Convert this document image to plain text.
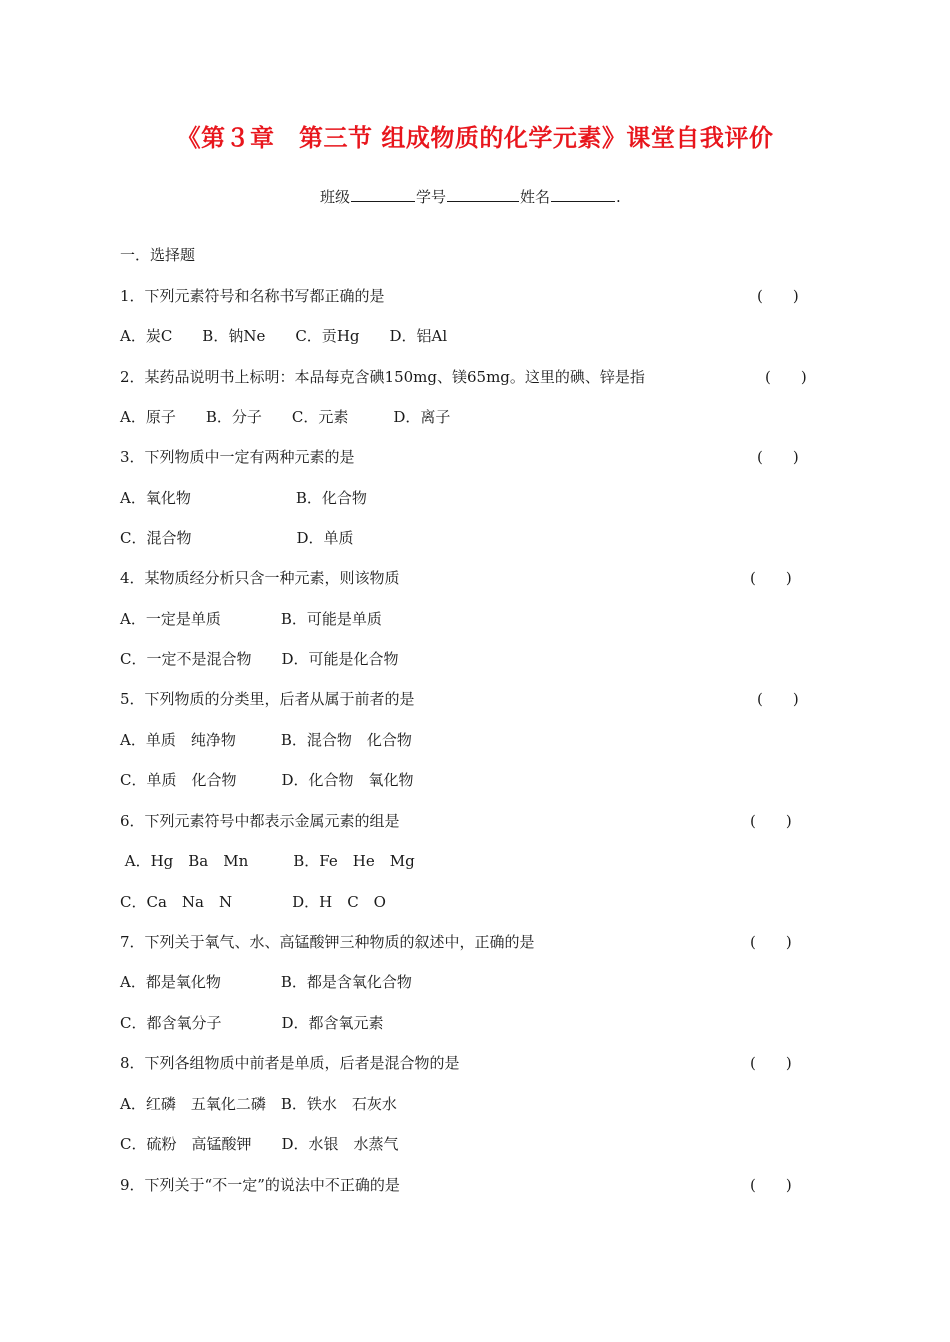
《第３章　第三节 组成物质的化学元素》课堂自我评价
班级	学号	姓名	.
一．选择题
1．下列元素符号和名称书写都正确的是	(　　)
A．炭C　　B．钠Ne　　C．贡Hg　　D．铝Al
2．某药品说明书上标明：本品每克含碘150mg、镁65mg。这里的碘、锌是指	(　　)
A．原子　　B．分子　　C．元素　　　D．离子
3．下列物质中一定有两种元素的是	(　　)
A．氧化物　　　　　　　B．化合物
C．混合物　　　　　　　D．单质
4．某物质经分析只含一种元素，则该物质	(　　)
A．一定是单质　　　　B．可能是单质
C．一定不是混合物　　D．可能是化合物
5．下列物质的分类里，后者从属于前者的是	(　　)
A．单质　纯净物　　　B．混合物　化合物
C．单质　化合物　　　D．化合物　氧化物
6．下列元素符号中都表示金属元素的组是	(　　)
A．Hg　Ba　Mn　　　B．Fe　He　Mg
C．Ca　Na　N　　　　D．H　C　O
7．下列关于氧气、水、高锰酸钾三种物质的叙述中，正确的是	(　　)
A．都是氧化物　　　　B．都是含氧化合物
C．都含氧分子　　　　D．都含氧元素
8．下列各组物质中前者是单质，后者是混合物的是	(　　)
A．红磷　五氧化二磷　B．铁水　石灰水
C．硫粉　高锰酸钾　　D．水银　水蒸气
9．下列关于“不一定”的说法中不正确的是	(　　)
